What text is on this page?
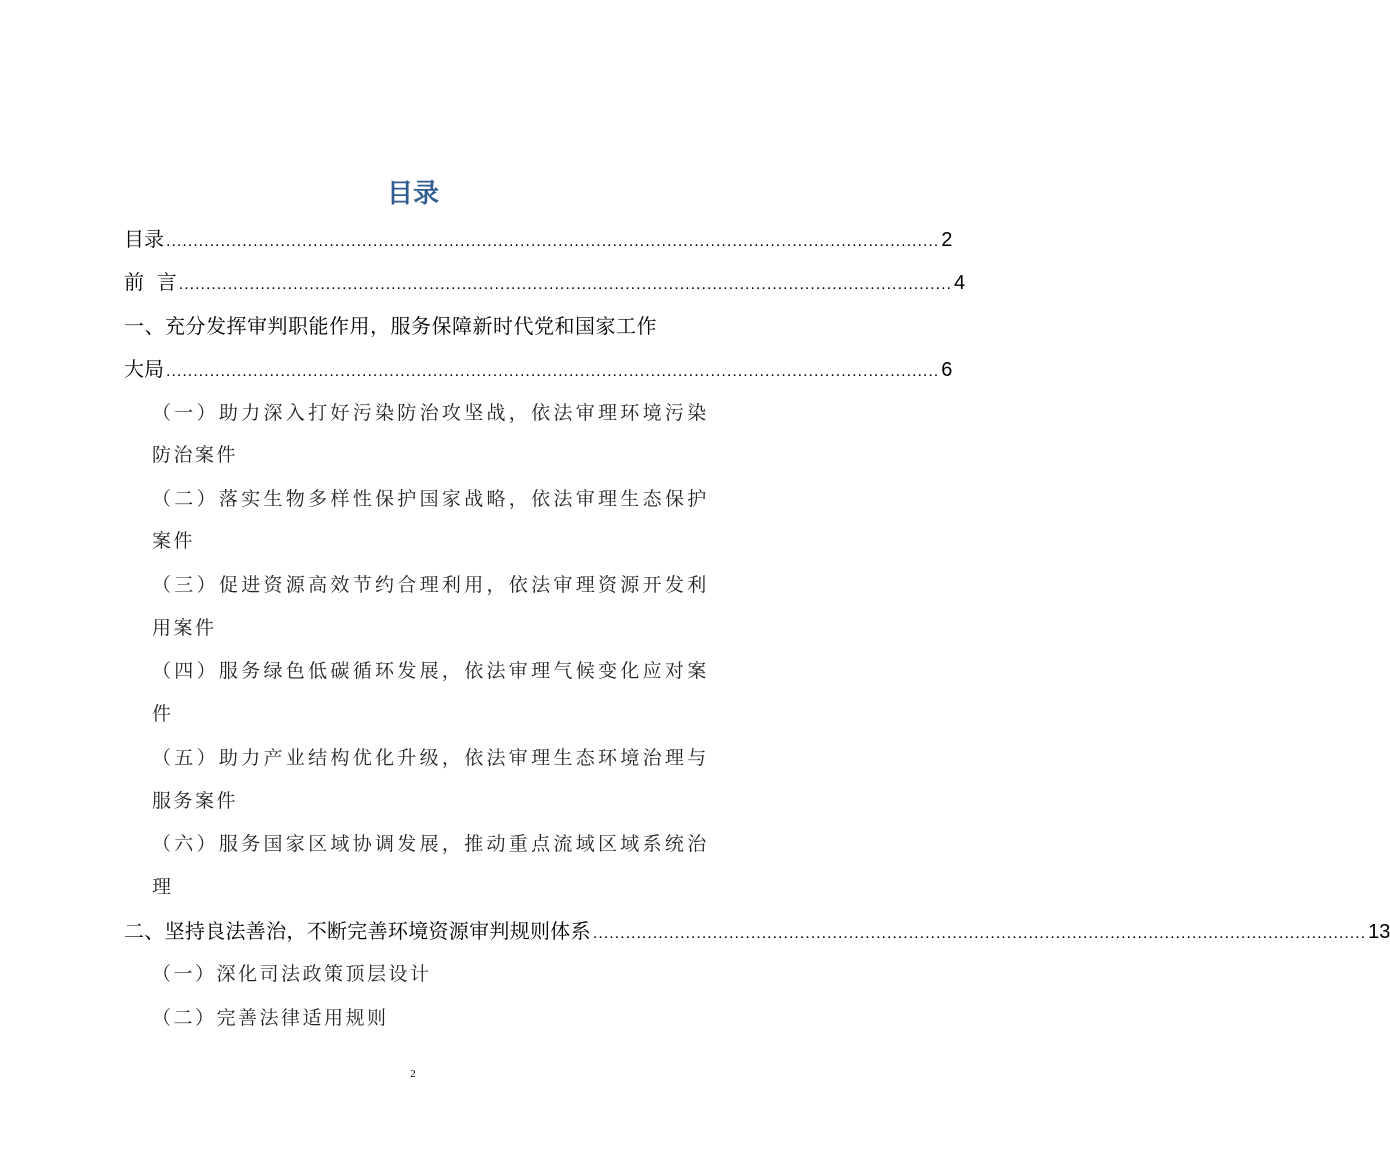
目录
目录 .............................................................................................................................................. 2
前  言 .............................................................................................................................................. 4
一、充分发挥审判职能作用，服务保障新时代党和国家工作
大局 .............................................................................................................................................. 6
（一）助力深入打好污染防治攻坚战，依法审理环境污染
防治案件
（二）落实生物多样性保护国家战略，依法审理生态保护
案件
（三）促进资源高效节约合理利用，依法审理资源开发利
用案件
（四）服务绿色低碳循环发展，依法审理气候变化应对案
件
（五）助力产业结构优化升级，依法审理生态环境治理与
服务案件
（六）服务国家区域协调发展，推动重点流域区域系统治
理
二、坚持良法善治，不断完善环境资源审判规则体系 .............................................................................................................................................. 13
（一）深化司法政策顶层设计
（二）完善法律适用规则
2
